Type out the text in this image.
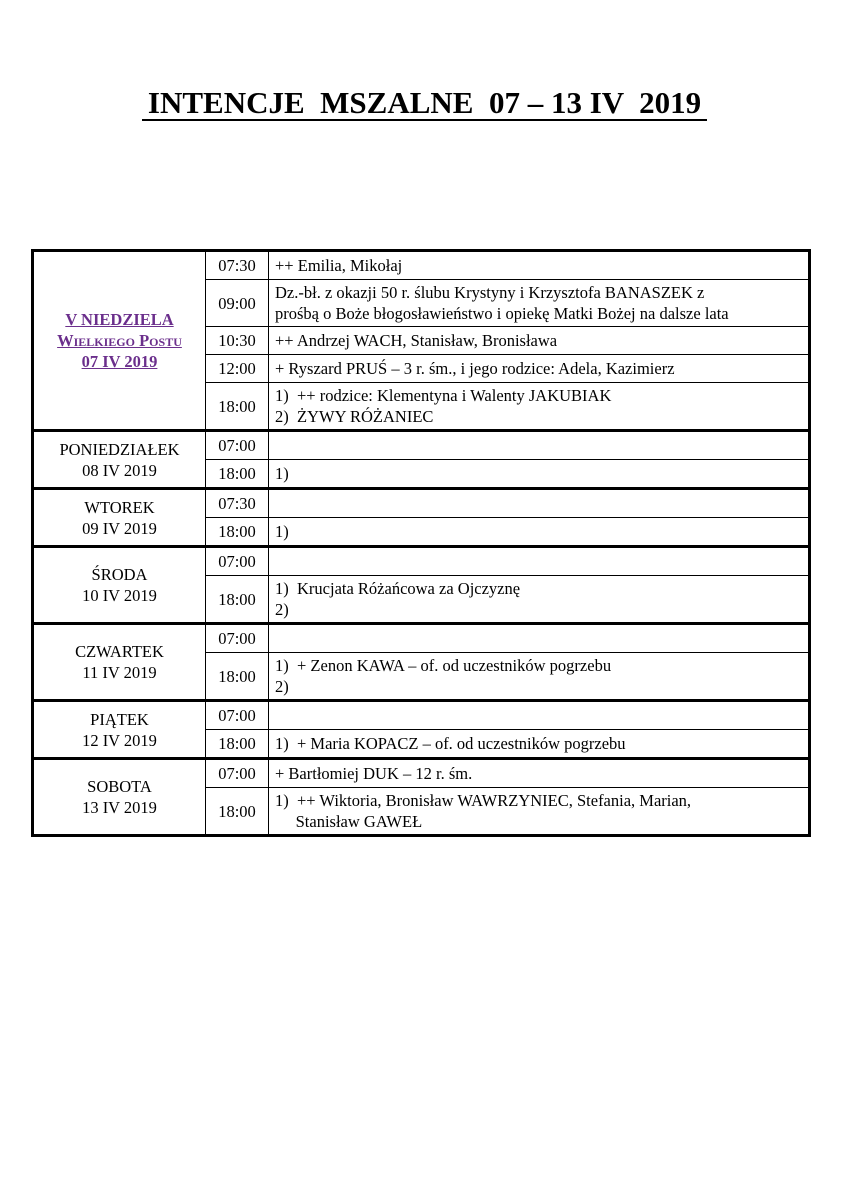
INTENCJE  MSZALNE  07 – 13 IV  2019
V NIEDZIELA
Wielkiego Postu
07 IV 2019	07:30	++ Emilia, Mikołaj

	09:00	Dz.-bł. z okazji 50 r. ślubu Krystyny i Krzysztofa BANASZEK z
prośbą o Boże błogosławieństwo i opiekę Matki Bożej na dalsze lata

	10:30	++ Andrzej WACH, Stanisław, Bronisława

	12:00	+ Ryszard PRUŚ – 3 r. śm., i jego rodzice: Adela, Kazimierz

	18:00	1)  ++ rodzice: Klementyna i Walenty JAKUBIAK
2)  ŻYWY RÓŻANIEC

PONIEDZIAŁEK
08 IV 2019	07:00	

	18:00	1)

WTOREK
09 IV 2019	07:30	

	18:00	1)

ŚRODA
10 IV 2019	07:00	

	18:00	1)  Krucjata Różańcowa za Ojczyznę
2)

CZWARTEK
11 IV 2019	07:00	

	18:00	1)  + Zenon KAWA – of. od uczestników pogrzebu
2)

PIĄTEK
12 IV 2019	07:00	

	18:00	1)  + Maria KOPACZ – of. od uczestników pogrzebu

SOBOTA
13 IV 2019	07:00	+ Bartłomiej DUK – 12 r. śm.

	18:00	1)  ++ Wiktoria, Bronisław WAWRZYNIEC, Stefania, Marian,
Stanisław GAWEŁ
